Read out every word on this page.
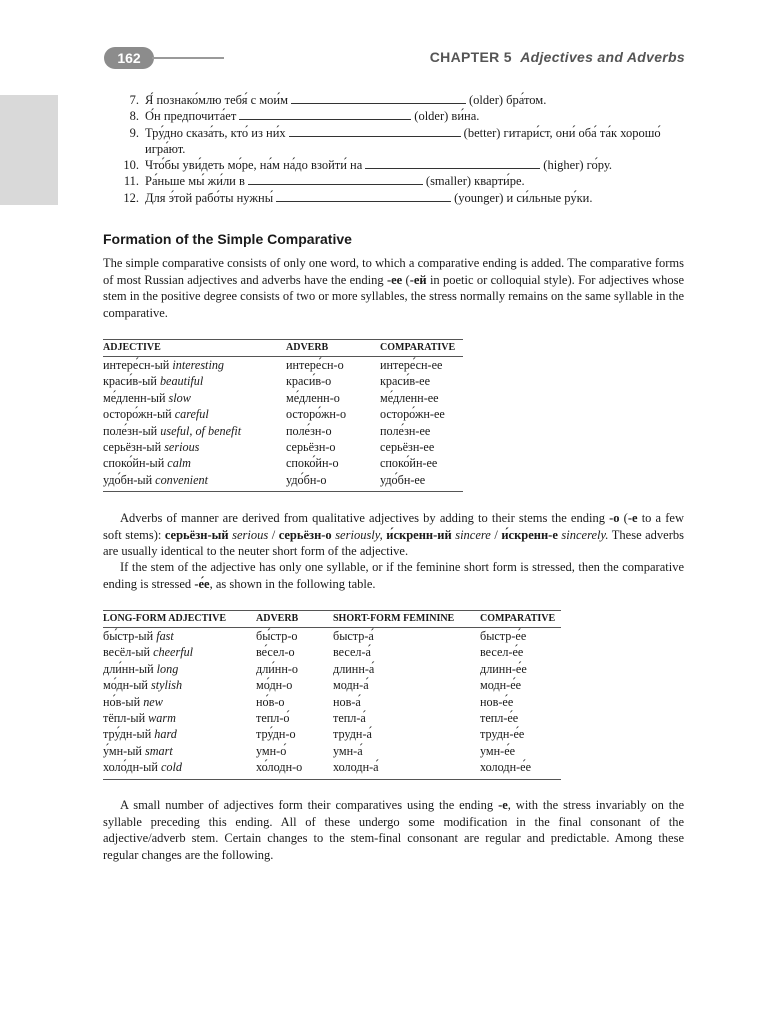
162	CHAPTER 5 Adjectives and Adverbs
7. Я́ познако́млю тебя́ с мои́м	(older) бра́том.
8. О́н предпочита́ет	(older) ви́на.
9. Тру́дно сказа́ть, кто́ из ни́х	(better) гитари́ст, они́ оба́ та́к хорошо́ игра́ют.
10. Что́бы уви́деть мо́ре, на́м на́до взойти́ на	(higher) го́ру.
11. Ра́ньше мы́ жи́ли в	(smaller) кварти́ре.
12. Для э́той рабо́ты нужны́	(younger) и си́льные ру́ки.
Formation of the Simple Comparative

The simple comparative consists of only one word, to which a comparative ending is added. The comparative forms of most Russian adjectives and adverbs have the ending -ee (-ей in poetic or colloquial style). For adjectives whose stem in the positive degree consists of two or more syllables, the stress normally remains on the same syllable in the comparative.

ADJECTIVE	ADVERB	COMPARATIVE
интере́сн-ый interesting	интере́сн-о	интере́сн-ее
краси́в-ый beautiful	краси́в-о	краси́в-ее
ме́дленн-ый slow	ме́дленн-о	ме́дленн-ее
осторо́жн-ый careful	осторо́жн-о	осторо́жн-ее
поле́зн-ый useful, of benefit	поле́зн-о	поле́зн-ее
серьёзн-ый serious	серьёзн-о	серьёзн-ее
споко́йн-ый calm	споко́йн-о	споко́йн-ее
удо́бн-ый convenient	удо́бн-о	удо́бн-ее

Adverbs of manner are derived from qualitative adjectives by adding to their stems the ending -o (-e to a few soft stems): серьёзн-ый serious / серьёзн-о seriously, и́скренн-ий sincere / и́скренн-е sincerely. These adverbs are usually identical to the neuter short form of the adjective.

If the stem of the adjective has only one syllable, or if the feminine short form is stressed, then the comparative ending is stressed -е́е, as shown in the following table.

LONG-FORM ADJECTIVE	ADVERB	SHORT-FORM FEMININE	COMPARATIVE
бы́стр-ый fast	бы́стр-о	быстр-а́	быстр-е́е
весёл-ый cheerful	ве́сел-о	весел-а́	весел-е́е
дли́нн-ый long	дли́нн-о	длинн-а́	длинн-е́е
мо́дн-ый stylish	мо́дн-о	модн-а́	модн-е́е
но́в-ый new	но́в-о	нов-а́	нов-е́е
тёпл-ый warm	тепл-о́	тепл-а́	тепл-е́е
тру́дн-ый hard	тру́дн-о	трудн-а́	трудн-е́е
у́мн-ый smart	умн-о́	умн-а́	умн-е́е
холо́дн-ый cold	хо́лодн-о	холодн-а́	холодн-е́е

A small number of adjectives form their comparatives using the ending -e, with the stress invariably on the syllable preceding this ending. All of these undergo some modification in the final consonant of the adjective/adverb stem. Certain changes to the stem-final consonant are regular and predictable. Among these regular changes are the following.
